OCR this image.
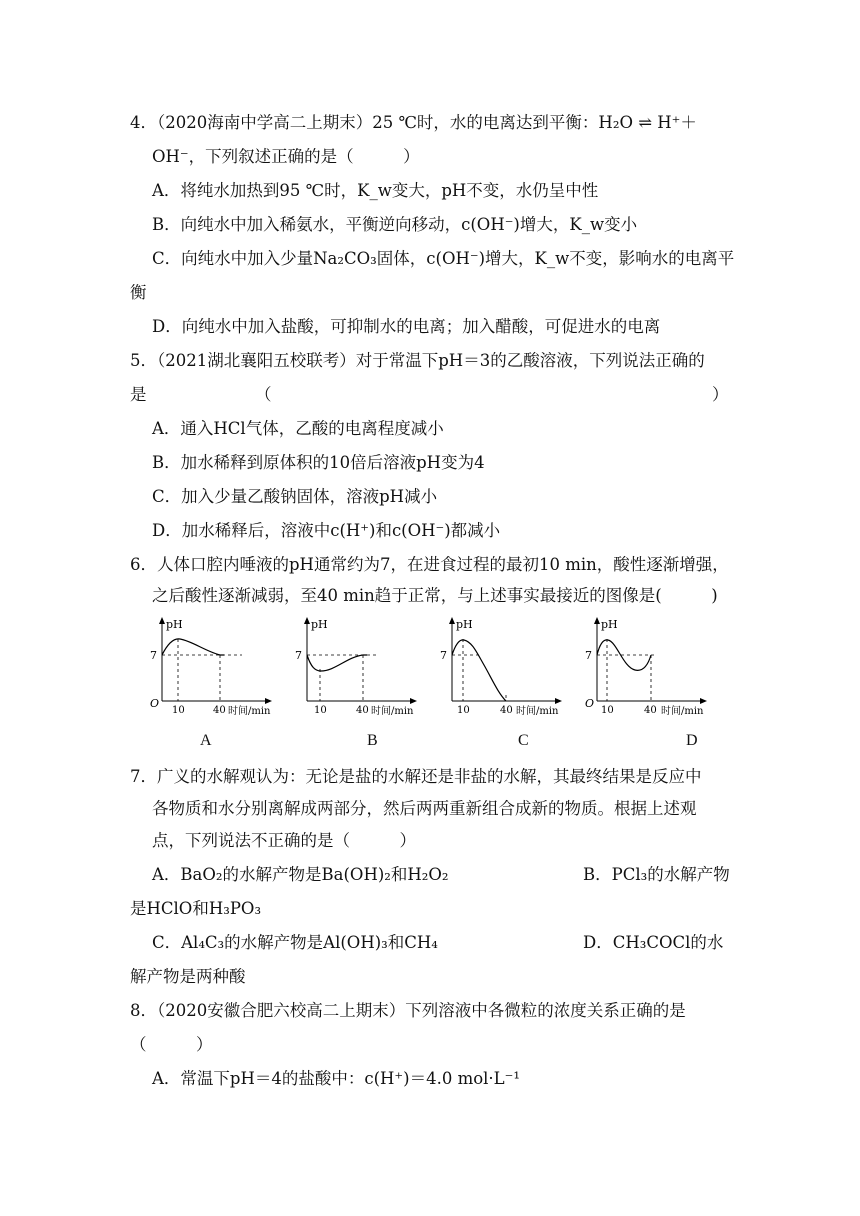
4．（2020海南中学高二上期末）25 ℃时，水的电离达到平衡：H₂O ⇌ H⁺＋
OH⁻，下列叙述正确的是（　　　）
A．将纯水加热到95 ℃时，K_w变大，pH不变，水仍呈中性
B．向纯水中加入稀氨水，平衡逆向移动，c(OH⁻)增大，K_w变小
C．向纯水中加入少量Na₂CO₃固体，c(OH⁻)增大，K_w不变，影响水的电离平
衡
D．向纯水中加入盐酸，可抑制水的电离；加入醋酸，可促进水的电离
5．（2021湖北襄阳五校联考）对于常温下pH＝3的乙酸溶液，下列说法正确的
是	（	）
A．通入HCl气体，乙酸的电离程度减小
B．加水稀释到原体积的10倍后溶液pH变为4
C．加入少量乙酸钠固体，溶液pH减小
D．加水稀释后，溶液中c(H⁺)和c(OH⁻)都减小
6．人体口腔内唾液的pH通常约为7，在进食过程的最初10 min，酸性逐渐增强，
之后酸性逐渐减弱，至40 min趋于正常，与上述事实最接近的图像是(　　　)
pH
7
O
10	40 时间/min
pH
7
10	40 时间/min
pH
7
10	40 时间/min
pH
7
O
10	40 时间/min
A	B	C	D
7．广义的水解观认为：无论是盐的水解还是非盐的水解，其最终结果是反应中
各物质和水分别离解成两部分，然后两两重新组合成新的物质。根据上述观
点，下列说法不正确的是（　　　）
A．BaO₂的水解产物是Ba(OH)₂和H₂O₂	B．PCl₃的水解产物
是HClO和H₃PO₃
C．Al₄C₃的水解产物是Al(OH)₃和CH₄	D．CH₃COCl的水
解产物是两种酸
8．（2020安徽合肥六校高二上期末）下列溶液中各微粒的浓度关系正确的是
（　　　）
A．常温下pH＝4的盐酸中：c(H⁺)＝4.0 mol·L⁻¹
